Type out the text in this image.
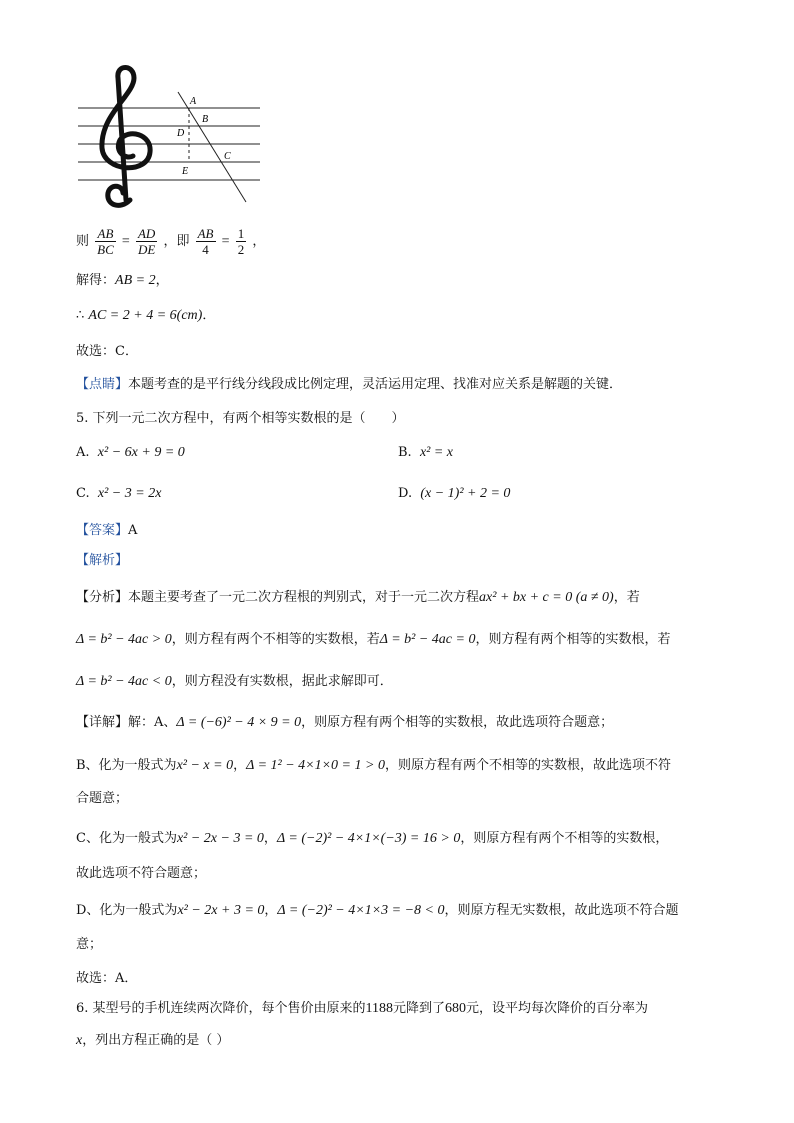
A
B
D
C
E
则 $\frac{AB}{BC} = \frac{AD}{DE}$ ，即 $\frac{AB}{4} = \frac{1}{2}$ ，
解得：AB = 2，
∴ AC = 2 + 4 = 6(cm)．
故选：C．
【点睛】本题考查的是平行线分线段成比例定理，灵活运用定理、找准对应关系是解题的关键．
5. 下列一元二次方程中，有两个相等实数根的是（　　）
A. x² − 6x + 9 = 0	B. x² = x
C. x² − 3 = 2x	D. (x − 1)² + 2 = 0
【答案】A
【解析】
【分析】本题主要考查了一元二次方程根的判别式，对于一元二次方程ax² + bx + c = 0 (a ≠ 0)，若
Δ = b² − 4ac > 0，则方程有两个不相等的实数根，若Δ = b² − 4ac = 0，则方程有两个相等的实数根，若
Δ = b² − 4ac < 0，则方程没有实数根，据此求解即可．
【详解】解：A、Δ = (−6)² − 4 × 9 = 0，则原方程有两个相等的实数根，故此选项符合题意；
B、化为一般式为x² − x = 0，Δ = 1² − 4×1×0 = 1 > 0，则原方程有两个不相等的实数根，故此选项不符
合题意；
C、化为一般式为x² − 2x − 3 = 0，Δ = (−2)² − 4×1×(−3) = 16 > 0，则原方程有两个不相等的实数根，
故此选项不符合题意；
D、化为一般式为x² − 2x + 3 = 0，Δ = (−2)² − 4×1×3 = −8 < 0，则原方程无实数根，故此选项不符合题
意；
故选：A．
6. 某型号的手机连续两次降价，每个售价由原来的1188元降到了680元，设平均每次降价的百分率为
x，列出方程正确的是（ ）
